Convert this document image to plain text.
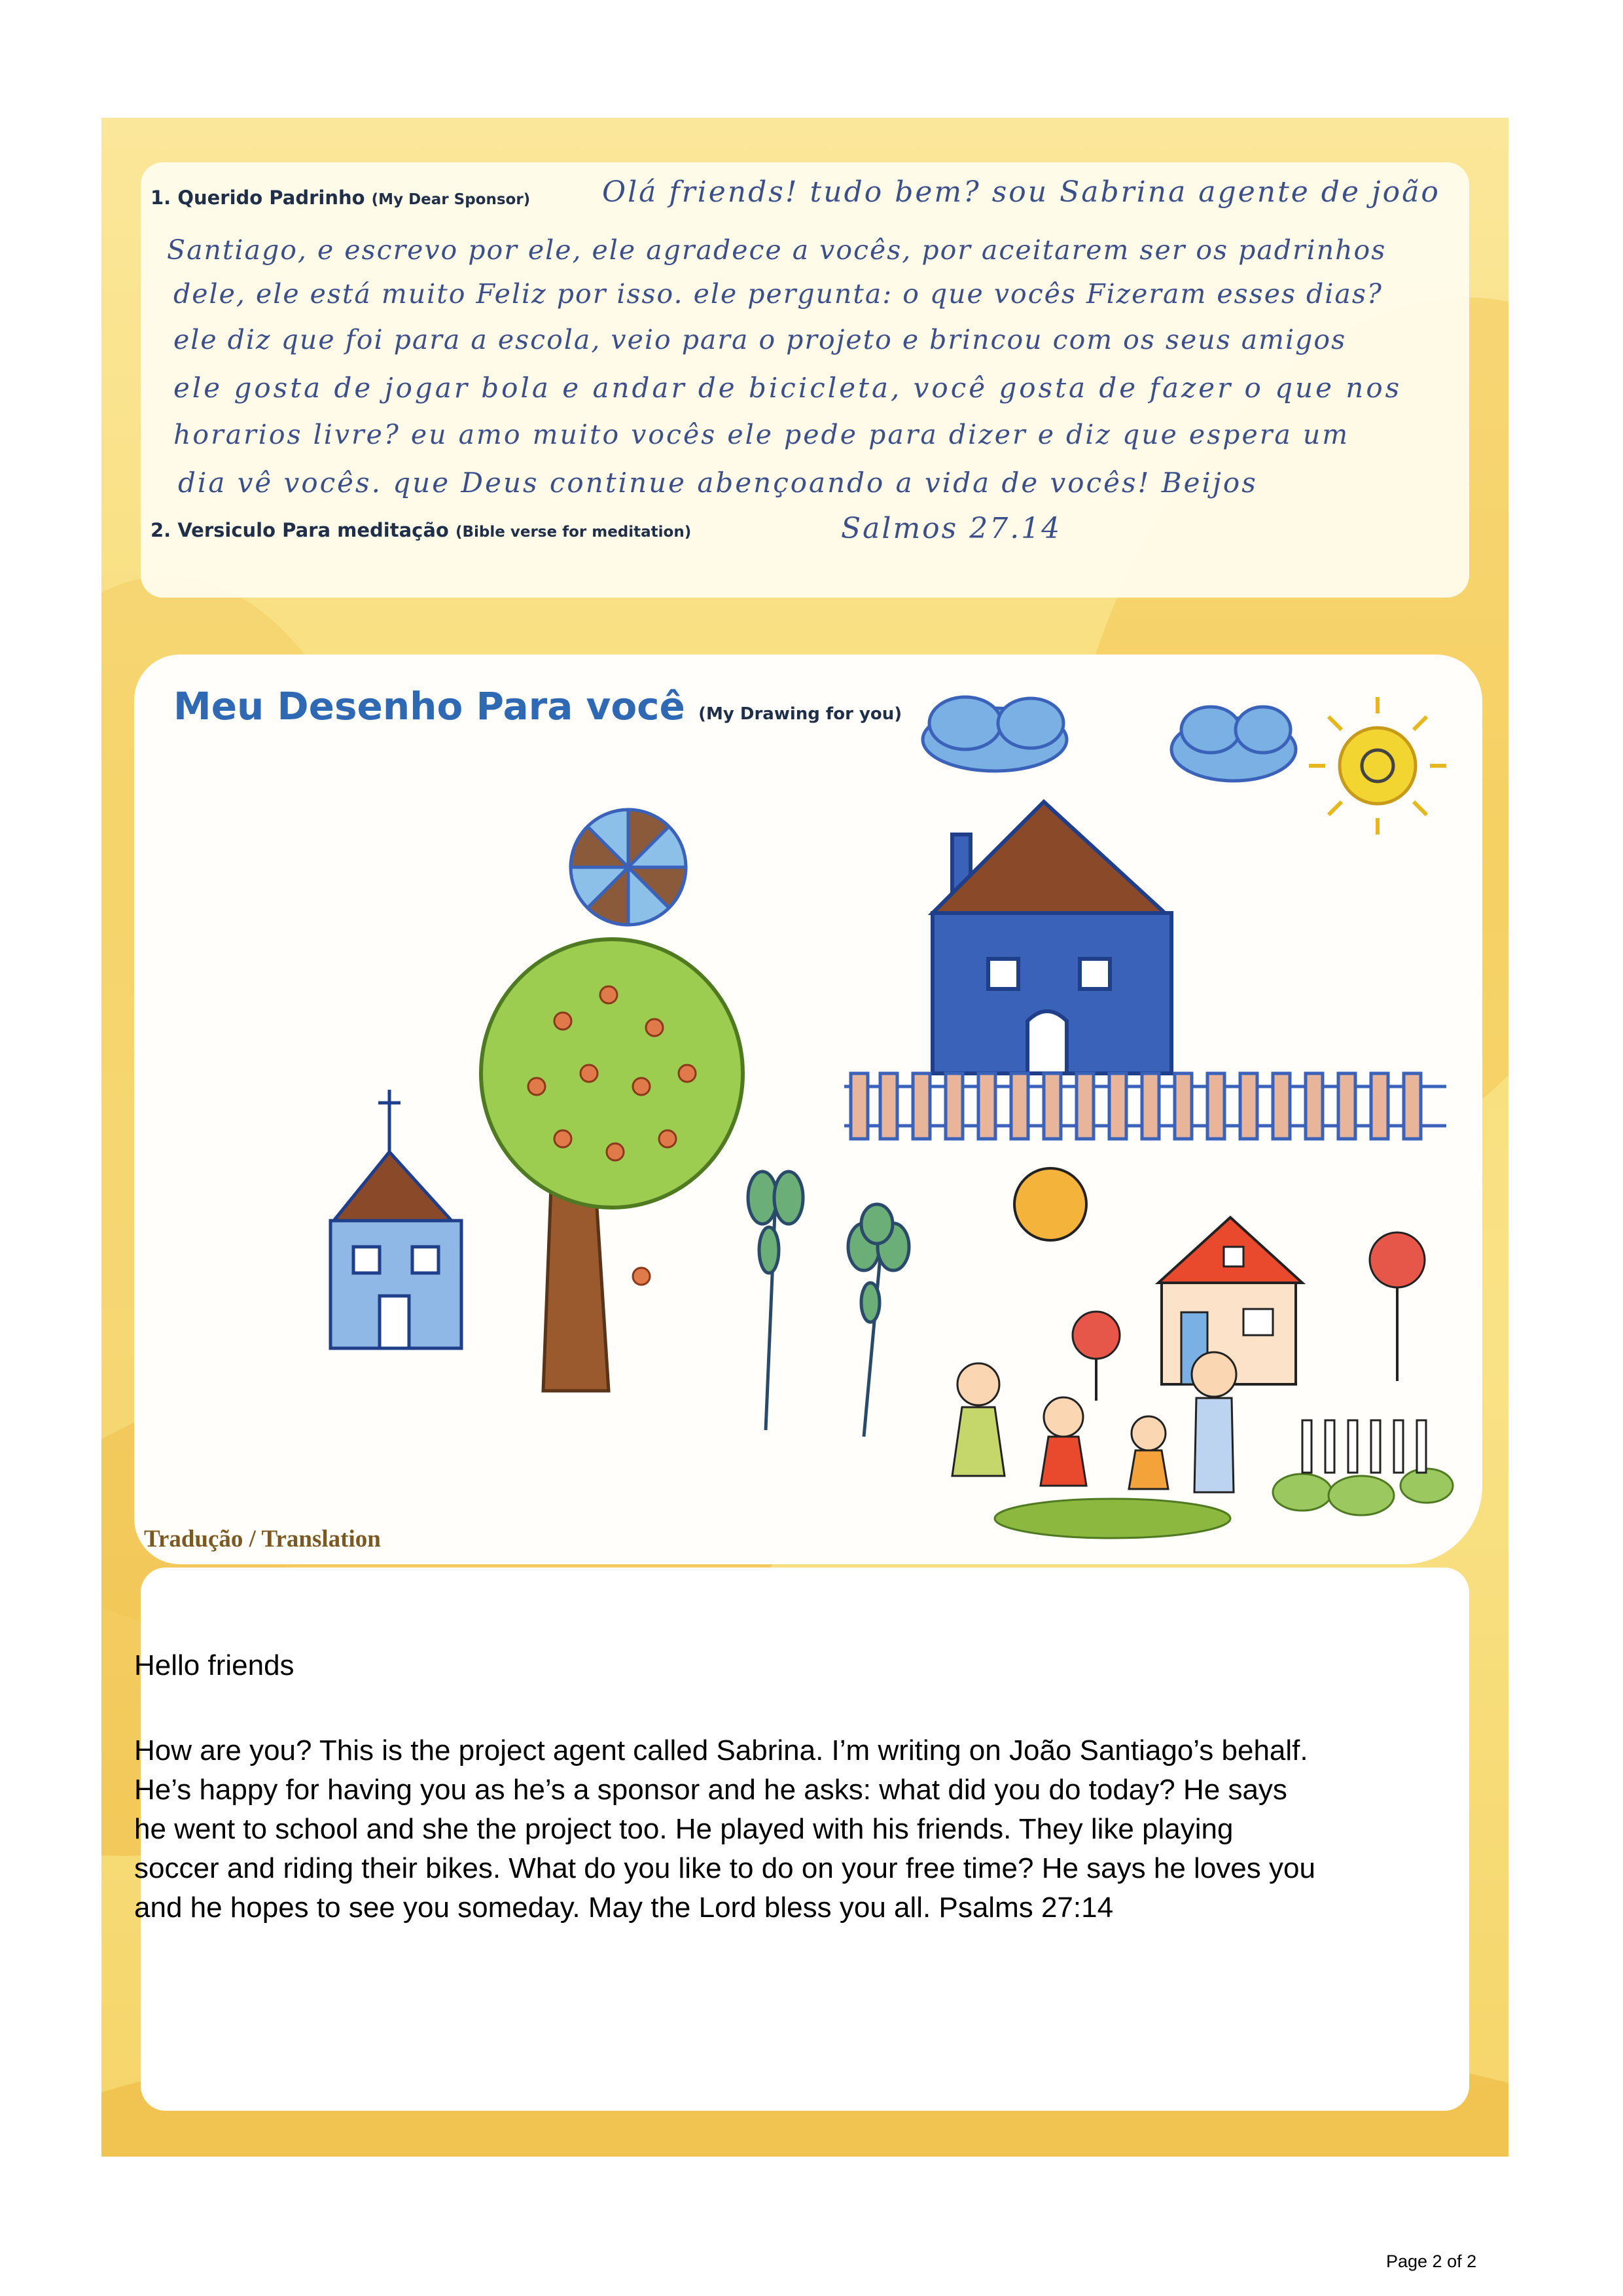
1. Querido Padrinho (My Dear Sponsor) Olá friends! tudo bem? sou Sabrina agente de joão
Santiago, e escrevo por ele, ele agradece a vocês, por aceitarem ser os padrinhos
dele, ele está muito Feliz por isso. ele pergunta: o que vocês Fizeram esses dias?
ele diz que foi para a escola, veio para o projeto e brincou com os seus amigos
ele gosta de jogar bola e andar de bicicleta, você gosta de fazer o que nos
horarios livre? eu amo muito vocês ele pede para dizer e diz que espera um
dia vê vocês. que Deus continue abençoando a vida de vocês! Beijos
2. Versiculo Para meditação (Bible verse for meditation)	Salmos 27.14
Meu Desenho Para você (My Drawing for you)
Tradução / Translation
Hello friends

How are you? This is the project agent called Sabrina. I’m writing on João Santiago’s behalf.

He’s happy for having you as he’s a sponsor and he asks: what did you do today? He says

he went to school and she the project too. He played with his friends. They like playing

soccer and riding their bikes. What do you like to do on your free time? He says he loves you

and he hopes to see you someday. May the Lord bless you all. Psalms 27:14

Page 2 of 2
